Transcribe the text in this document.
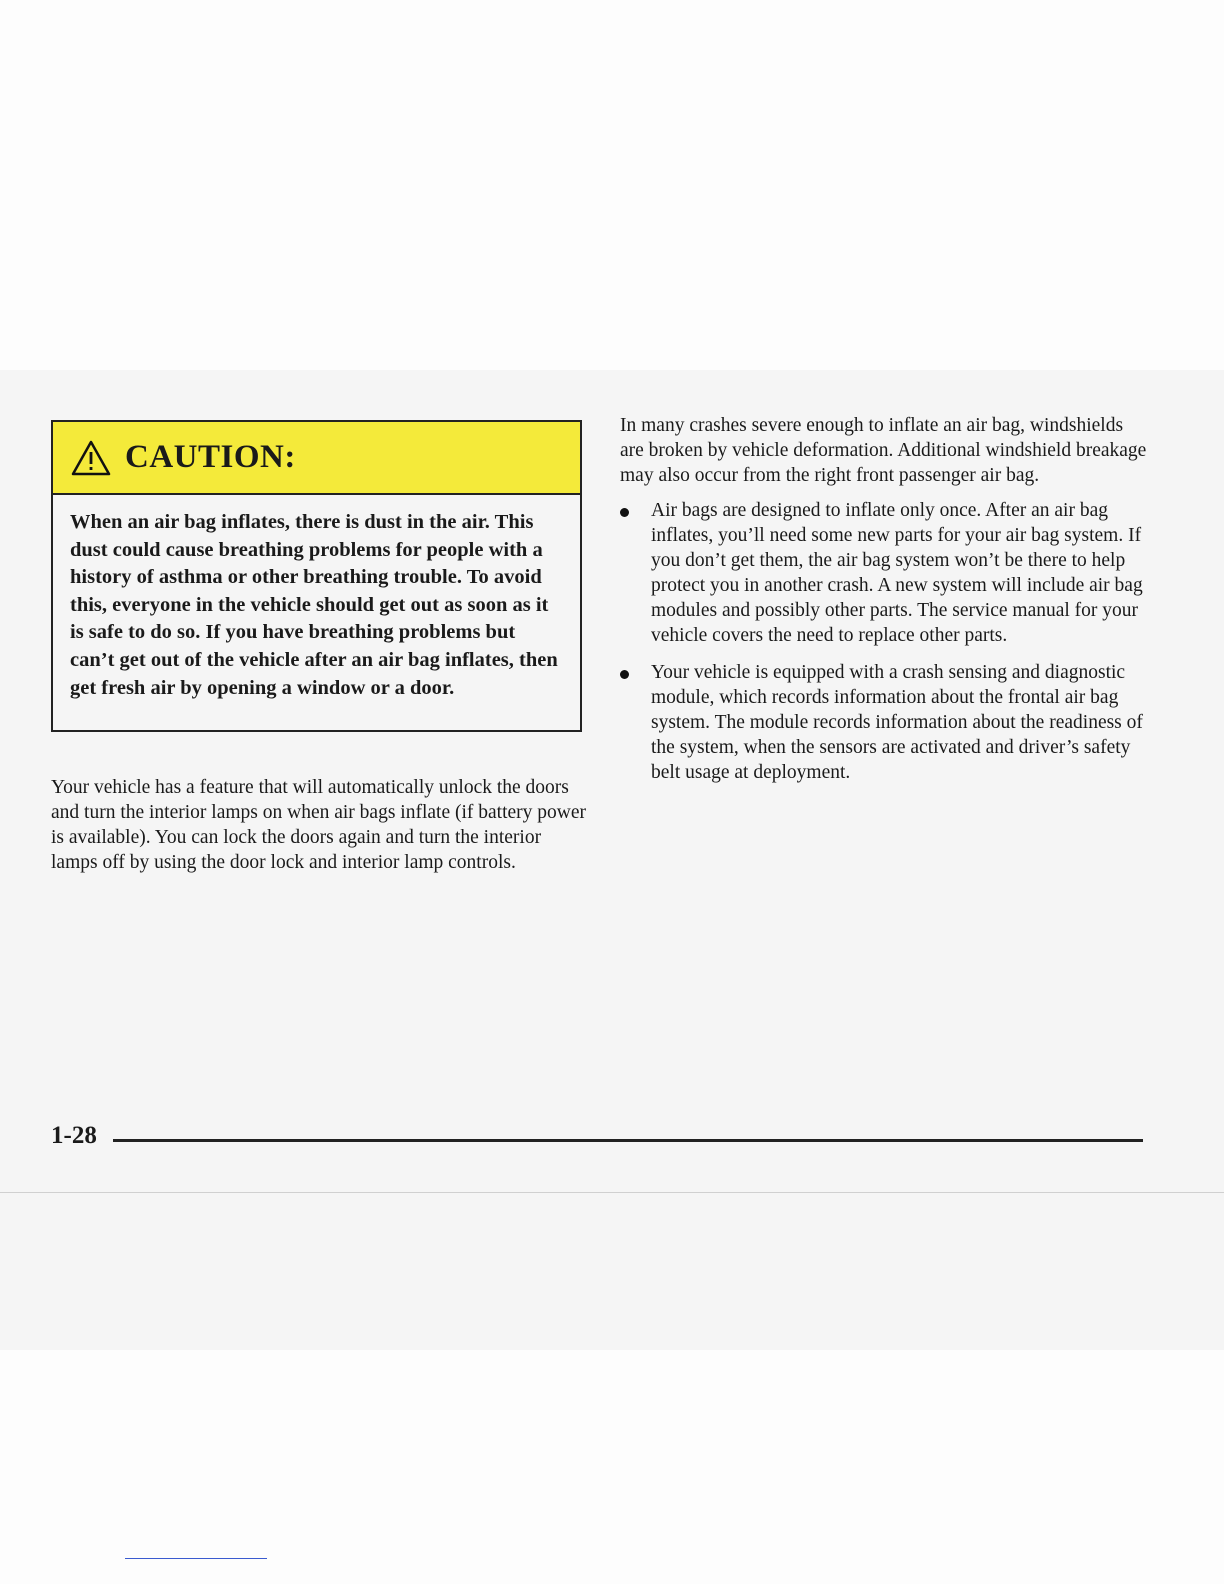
CAUTION:

When an air bag inflates, there is dust in the air. This dust could cause breathing problems for people with a history of asthma or other breathing trouble. To avoid this, everyone in the vehicle should get out as soon as it is safe to do so. If you have breathing problems but can’t get out of the vehicle after an air bag inflates, then get fresh air by opening a window or a door.

Your vehicle has a feature that will automatically unlock the doors and turn the interior lamps on when air bags inflate (if battery power is available). You can lock the doors again and turn the interior lamps off by using the door lock and interior lamp controls.

In many crashes severe enough to inflate an air bag, windshields are broken by vehicle deformation. Additional windshield breakage may also occur from the right front passenger air bag.

Air bags are designed to inflate only once. After an air bag inflates, you’ll need some new parts for your air bag system. If you don’t get them, the air bag system won’t be there to help protect you in another crash. A new system will include air bag modules and possibly other parts. The service manual for your vehicle covers the need to replace other parts.
Your vehicle is equipped with a crash sensing and diagnostic module, which records information about the frontal air bag system. The module records information about the readiness of the system, when the sensors are activated and driver’s safety belt usage at deployment.
1-28
